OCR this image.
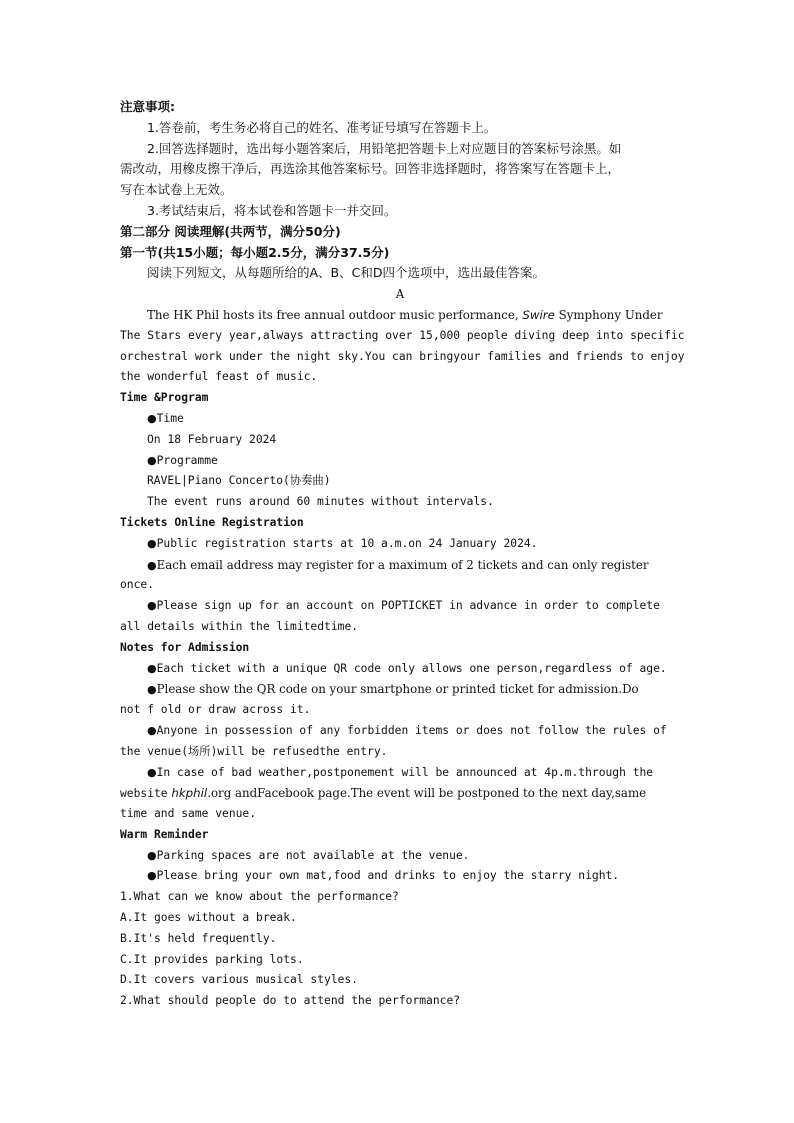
注意事项:
1.答卷前，考生务必将自己的姓名、准考证号填写在答题卡上。
2.回答选择题时，选出每小题答案后，用铅笔把答题卡上对应题目的答案标号涂黑。如
需改动，用橡皮擦干净后，再选涂其他答案标号。回答非选择题时，将答案写在答题卡上，
写在本试卷上无效。
3.考试结束后，将本试卷和答题卡一并交回。
第二部分 阅读理解(共两节，满分50分)
第一节(共15小题；每小题2.5分，满分37.5分)
阅读下列短文，从每题所给的A、B、C和D四个选项中，选出最佳答案。
A
The HK Phil hosts its free annual outdoor music performance, Swire Symphony Under
The Stars every year,always attracting over 15,000 people diving deep into specific
orchestral work under the night sky.You can bringyour families and friends to enjoy
the wonderful feast of music.
Time &Program
●Time
On 18 February 2024
●Programme
RAVEL|Piano Concerto(协奏曲)
The event runs around 60 minutes without intervals.
Tickets Online Registration
●Public registration starts at 10 a.m.on 24 January 2024.
●Each email address may register for a maximum of 2 tickets and can only register
once.
●Please sign up for an account on POPTICKET in advance in order to complete
all details within the limitedtime.
Notes for Admission
●Each ticket with a unique QR code only allows one person,regardless of age.
●Please show the QR code on your smartphone or printed ticket for admission.Do
not f old or draw across it.
●Anyone in possession of any forbidden items or does not follow the rules of
the venue(场所)will be refusedthe entry.
●In case of bad weather,postponement will be announced at 4p.m.through the
website hkphil.org andFacebook page.The event will be postponed to the next day,same
time and same venue.
Warm Reminder
●Parking spaces are not available at the venue.
●Please bring your own mat,food and drinks to enjoy the starry night.
1.What can we know about the performance?
A.It goes without a break.
B.It's held frequently.
C.It provides parking lots.
D.It covers various musical styles.
2.What should people do to attend the performance?
